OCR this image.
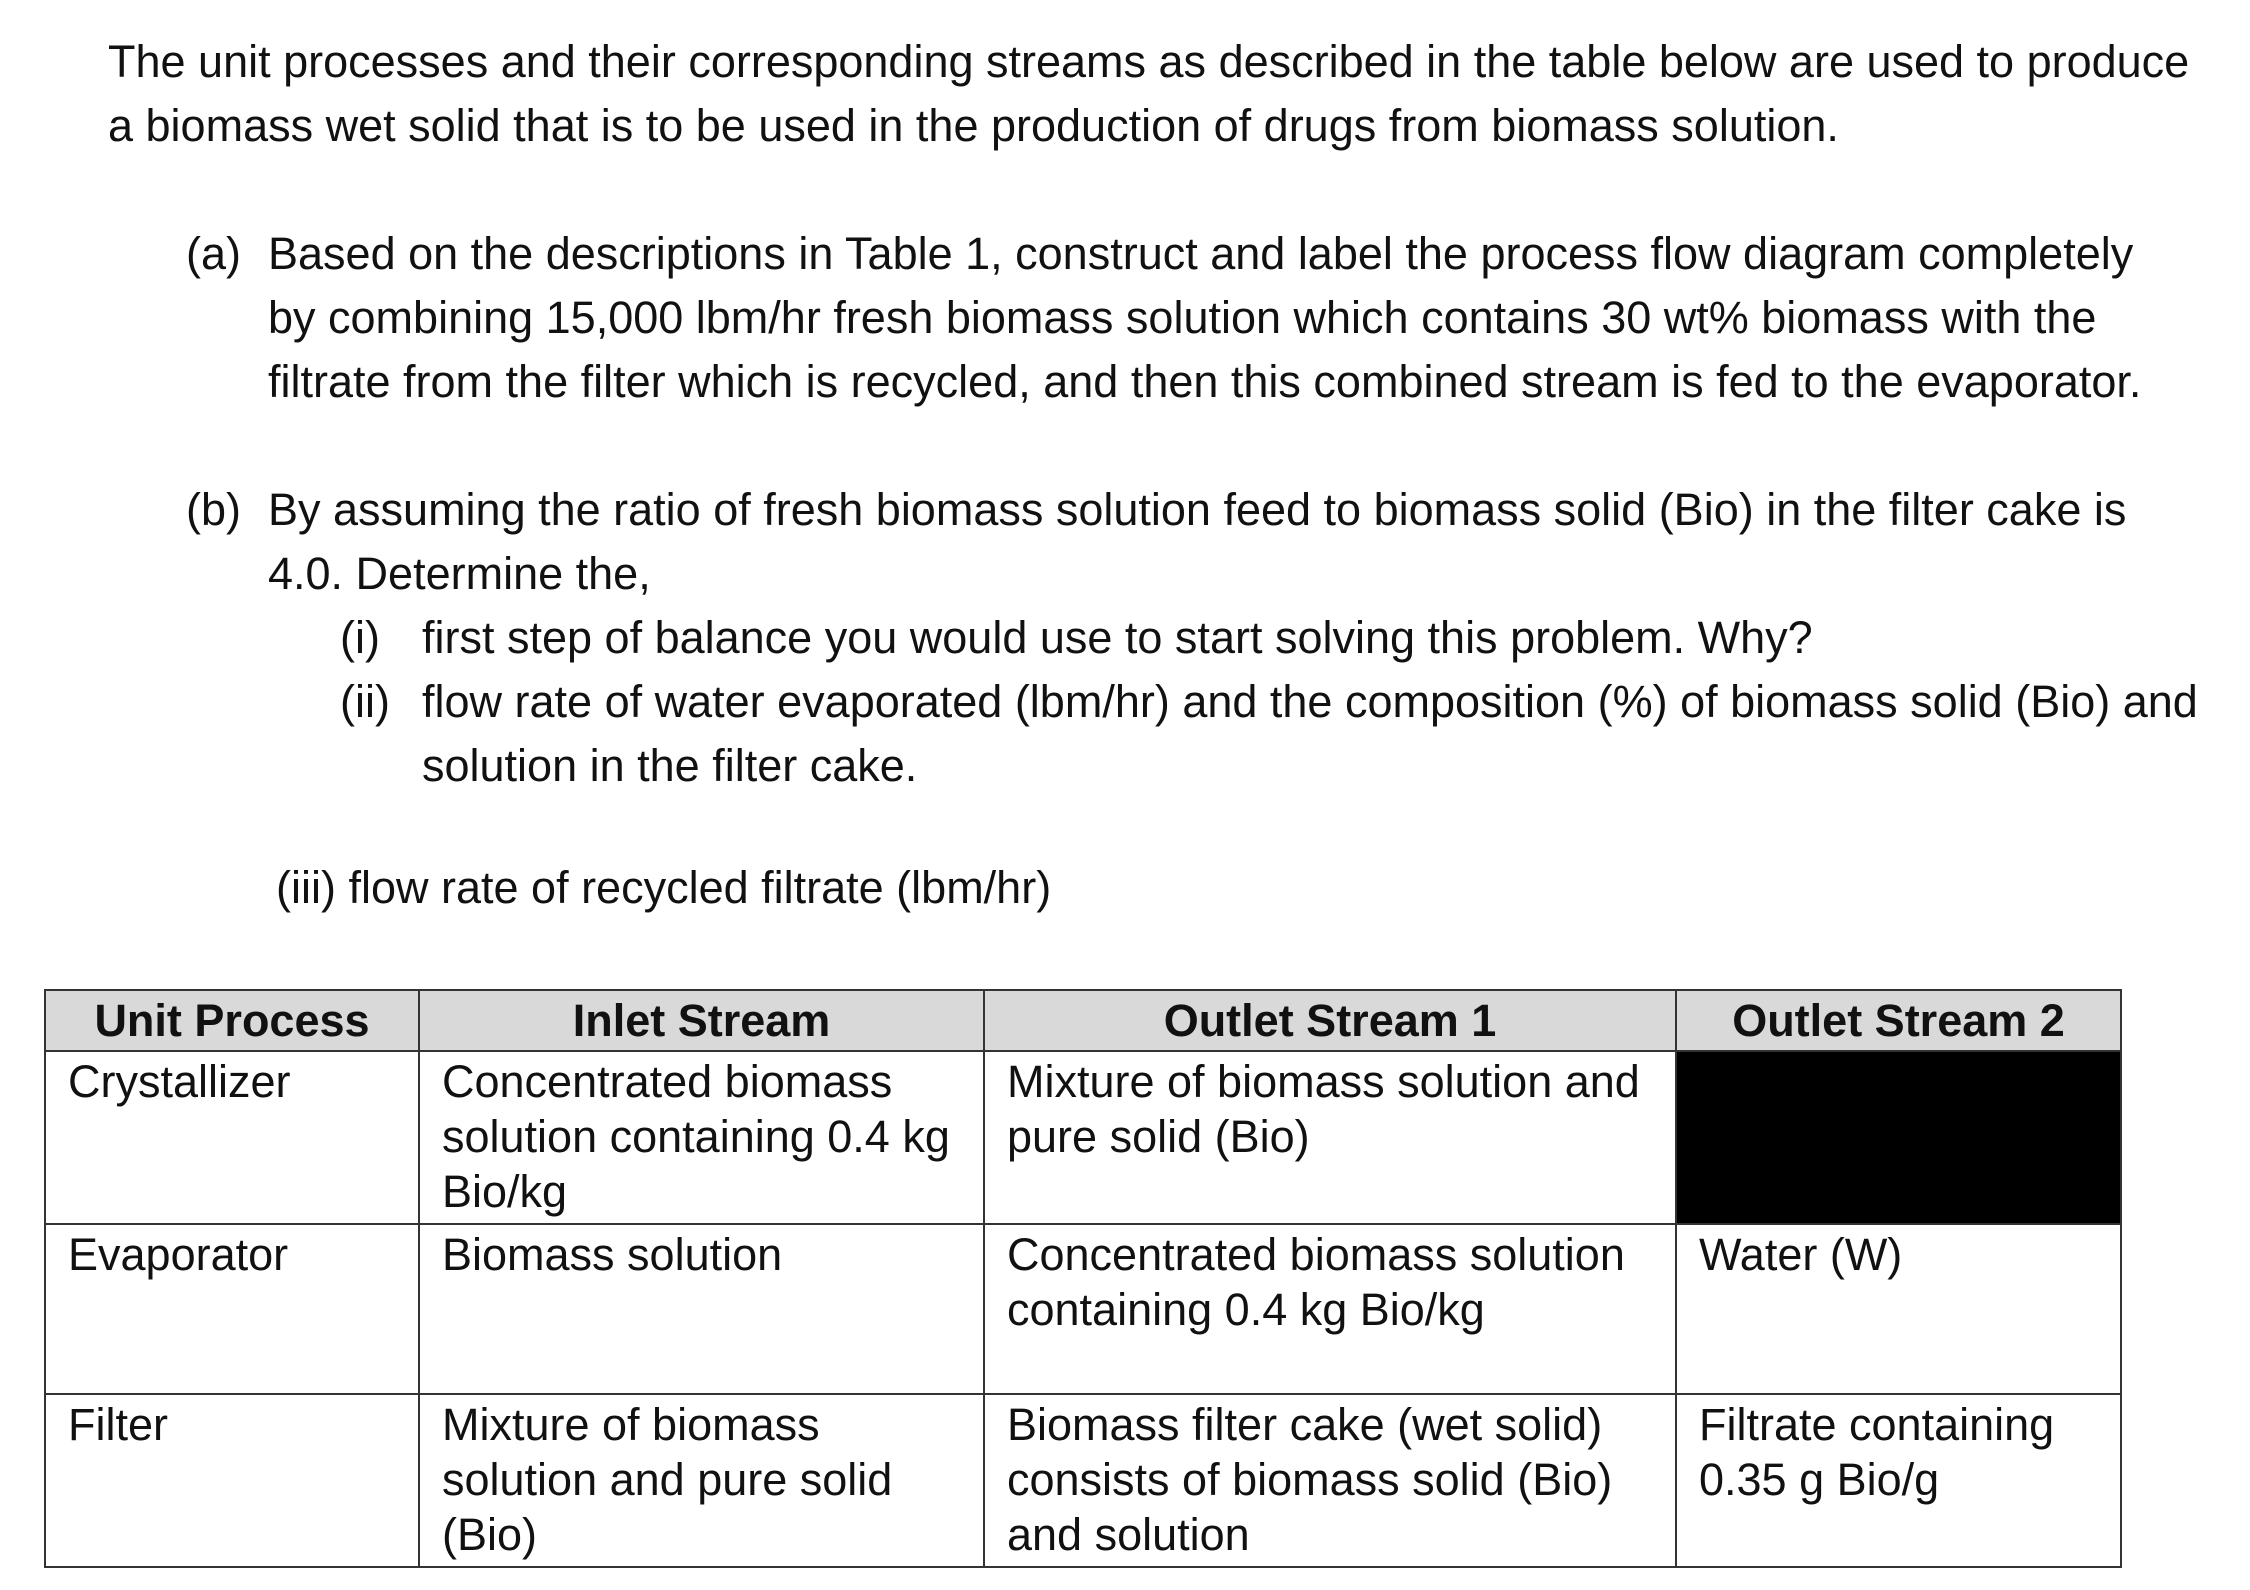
The unit processes and their corresponding streams as described in the table below are used to produce a biomass wet solid that is to be used in the production of drugs from biomass solution.

(a) Based on the descriptions in Table 1, construct and label the process flow diagram completely by combining 15,000 lbm/hr fresh biomass solution which contains 30 wt% biomass with the filtrate from the filter which is recycled, and then this combined stream is fed to the evaporator.
(b) By assuming the ratio of fresh biomass solution feed to biomass solid (Bio) in the filter cake is 4.0. Determine the,
(i) first step of balance you would use to start solving this problem. Why?
(ii) flow rate of water evaporated (lbm/hr) and the composition (%) of biomass solid (Bio) and solution in the filter cake.
(iii) flow rate of recycled filtrate (lbm/hr)
Unit Process	Inlet Stream	Outlet Stream 1	Outlet Stream 2
Crystallizer	Concentrated biomass solution containing 0.4 kg Bio/kg	Mixture of biomass solution and pure solid (Bio)	
Evaporator	Biomass solution	Concentrated biomass solution containing 0.4 kg Bio/kg	Water (W)
Filter	Mixture of biomass solution and pure solid (Bio)	Biomass filter cake (wet solid) consists of biomass solid (Bio) and solution	Filtrate containing 0.35 g Bio/g
